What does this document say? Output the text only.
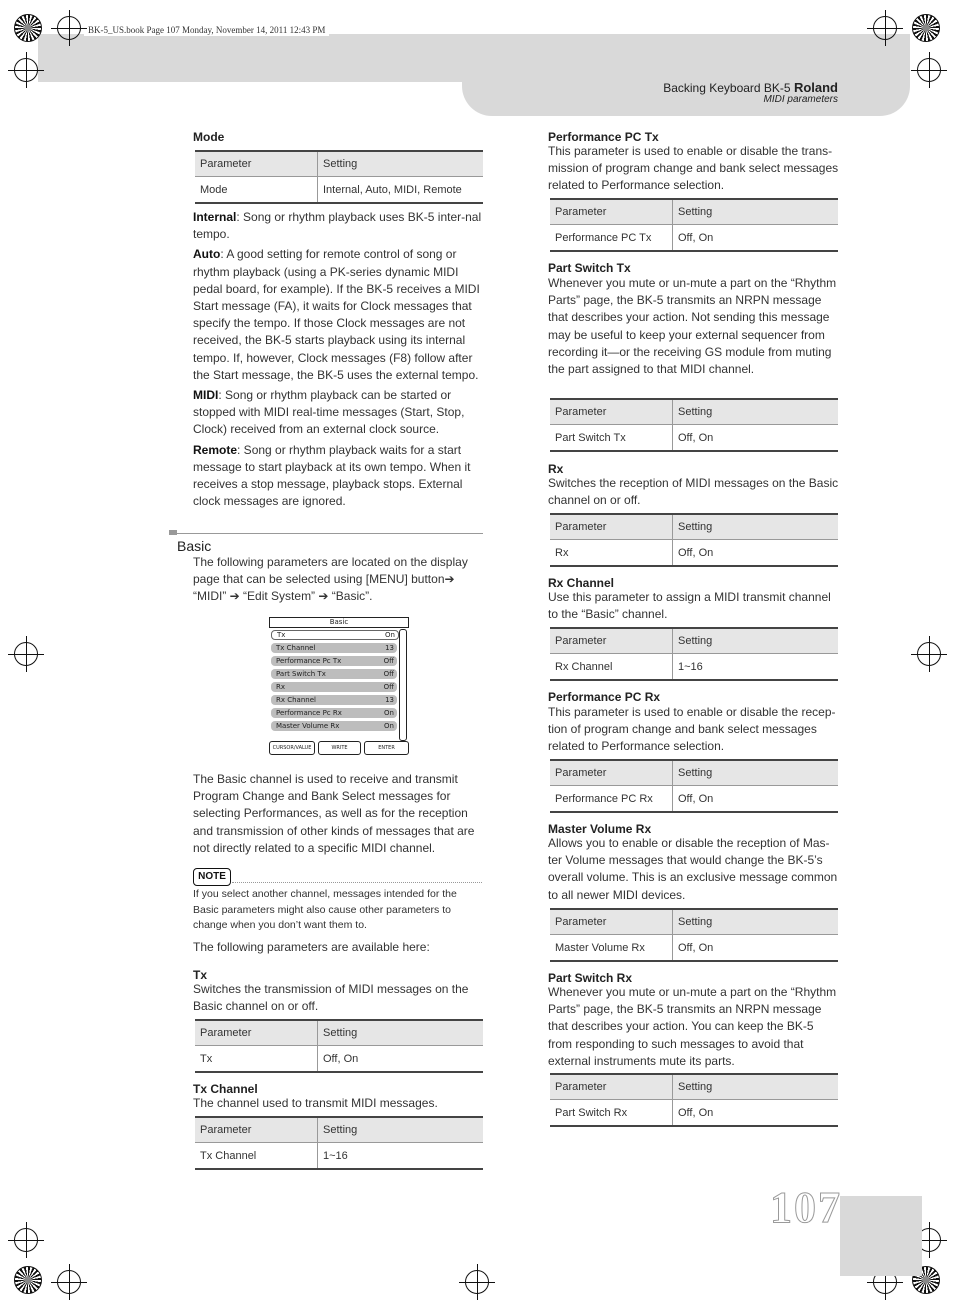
BK-5_US.book Page 107 Monday, November 14, 2011 12:43 PM
Backing Keyboard BK-5 Roland
MIDI parameters
Mode
Parameter	Setting
Mode	Internal, Auto, MIDI, Remote
Internal: Song or rhythm playback uses BK-5 inter-nal tempo.
Auto: A good setting for remote control of song or rhythm playback (using a PK-series dynamic MIDI pedal board, for example). If the BK-5 receives a MIDI Start message (FA), it waits for Clock messages that specify the tempo. If those Clock messages are not received, the BK-5 starts playback using its internal tempo. If, however, Clock messages (F8) follow after the Start message, the BK-5 uses the external tempo.
MIDI: Song or rhythm playback can be started or stopped with MIDI real-time messages (Start, Stop, Clock) received from an external clock source.
Remote: Song or rhythm playback waits for a start message to start playback at its own tempo. When it receives a stop message, playback stops. External clock messages are ignored.
Basic
The following parameters are located on the display page that can be selected using [MENU] button➔ “MIDI” ➔ “Edit System” ➔ “Basic”.
Basic
Tx	On
Tx Channel	13
Performance Pc Tx	Off
Part Switch Tx	Off
Rx	Off
Rx Channel	13
Performance Pc Rx	On
Master Volume Rx	On
CURSOR/VALUE	WRITE	ENTER
The Basic channel is used to receive and transmit Program Change and Bank Select messages for selecting Performances, as well as for the reception and transmission of other kinds of messages that are not directly related to a specific MIDI channel.
NOTE
If you select another channel, messages intended for the Basic parameters might also cause other parameters to change when you don’t want them to.
The following parameters are available here:
Tx
Switches the transmission of MIDI messages on the Basic channel on or off.
Parameter	Setting
Tx	Off, On
Tx Channel
The channel used to transmit MIDI messages.
Parameter	Setting
Tx Channel	1~16
Performance PC Tx
This parameter is used to enable or disable the trans-mission of program change and bank select messages related to Performance selection.
Parameter	Setting
Performance PC Tx	Off, On
Part Switch Tx
Whenever you mute or un-mute a part on the “Rhythm Parts” page, the BK-5 transmits an NRPN message that describes your action. Not sending this message may be useful to keep your external sequencer from recording it—or the receiving GS module from muting the part assigned to that MIDI channel.
Parameter	Setting
Part Switch Tx	Off, On
Rx
Switches the reception of MIDI messages on the Basic channel on or off.
Parameter	Setting
Rx	Off, On
Rx Channel
Use this parameter to assign a MIDI transmit channel to the “Basic” channel.
Parameter	Setting
Rx Channel	1~16
Performance PC Rx
This parameter is used to enable or disable the recep-tion of program change and bank select messages related to Performance selection.
Parameter	Setting
Performance PC Rx	Off, On
Master Volume Rx
Allows you to enable or disable the reception of Mas-ter Volume messages that would change the BK-5’s overall volume. This is an exclusive message common to all newer MIDI devices.
Parameter	Setting
Master Volume Rx	Off, On
Part Switch Rx
Whenever you mute or un-mute a part on the “Rhythm Parts” page, the BK-5 transmits an NRPN message that describes your action. You can keep the BK-5 from responding to such messages to avoid that external instruments mute its parts.
Parameter	Setting
Part Switch Rx	Off, On
107
